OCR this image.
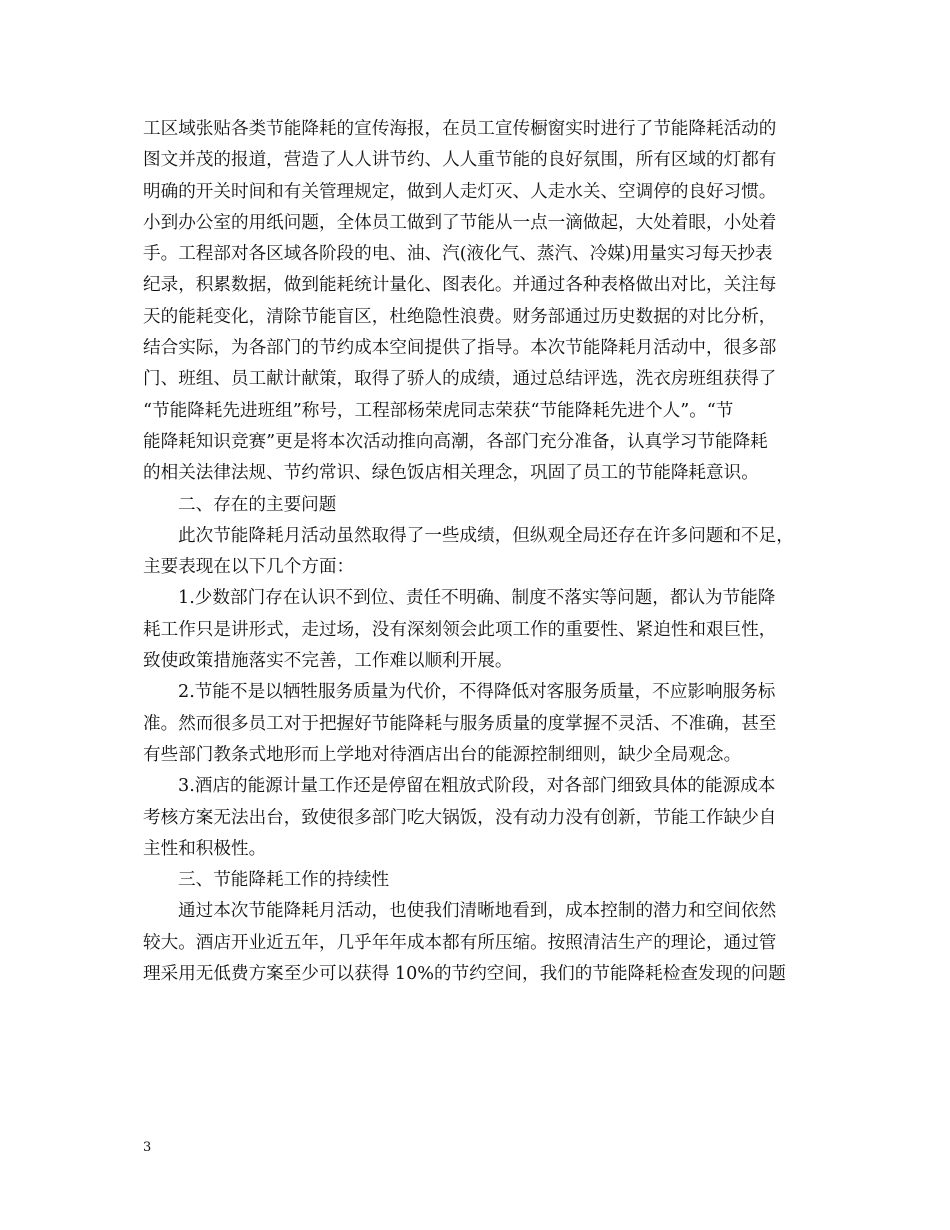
工区域张贴各类节能降耗的宣传海报，在员工宣传橱窗实时进行了节能降耗活动的
图文并茂的报道，营造了人人讲节约、人人重节能的良好氛围，所有区域的灯都有
明确的开关时间和有关管理规定，做到人走灯灭、人走水关、空调停的良好习惯。
小到办公室的用纸问题，全体员工做到了节能从一点一滴做起，大处着眼，小处着
手。工程部对各区域各阶段的电、油、汽(液化气、蒸汽、冷媒)用量实习每天抄表
纪录，积累数据，做到能耗统计量化、图表化。并通过各种表格做出对比，关注每
天的能耗变化，清除节能盲区，杜绝隐性浪费。财务部通过历史数据的对比分析，
结合实际，为各部门的节约成本空间提供了指导。本次节能降耗月活动中，很多部
门、班组、员工献计献策，取得了骄人的成绩，通过总结评选，洗衣房班组获得了
“节能降耗先进班组”称号，工程部杨荣虎同志荣获“节能降耗先进个人”。“节
能降耗知识竞赛”更是将本次活动推向高潮，各部门充分准备，认真学习节能降耗
的相关法律法规、节约常识、绿色饭店相关理念，巩固了员工的节能降耗意识。
二、存在的主要问题
此次节能降耗月活动虽然取得了一些成绩，但纵观全局还存在许多问题和不足，
主要表现在以下几个方面：
1.少数部门存在认识不到位、责任不明确、制度不落实等问题，都认为节能降
耗工作只是讲形式，走过场，没有深刻领会此项工作的重要性、紧迫性和艰巨性，
致使政策措施落实不完善，工作难以顺利开展。
2.节能不是以牺牲服务质量为代价，不得降低对客服务质量，不应影响服务标
准。然而很多员工对于把握好节能降耗与服务质量的度掌握不灵活、不准确，甚至
有些部门教条式地形而上学地对待酒店出台的能源控制细则，缺少全局观念。
3.酒店的能源计量工作还是停留在粗放式阶段，对各部门细致具体的能源成本
考核方案无法出台，致使很多部门吃大锅饭，没有动力没有创新，节能工作缺少自
主性和积极性。
三、节能降耗工作的持续性
通过本次节能降耗月活动，也使我们清晰地看到，成本控制的潜力和空间依然
较大。酒店开业近五年，几乎年年成本都有所压缩。按照清洁生产的理论，通过管
理采用无低费方案至少可以获得 10%的节约空间，我们的节能降耗检查发现的问题
3
